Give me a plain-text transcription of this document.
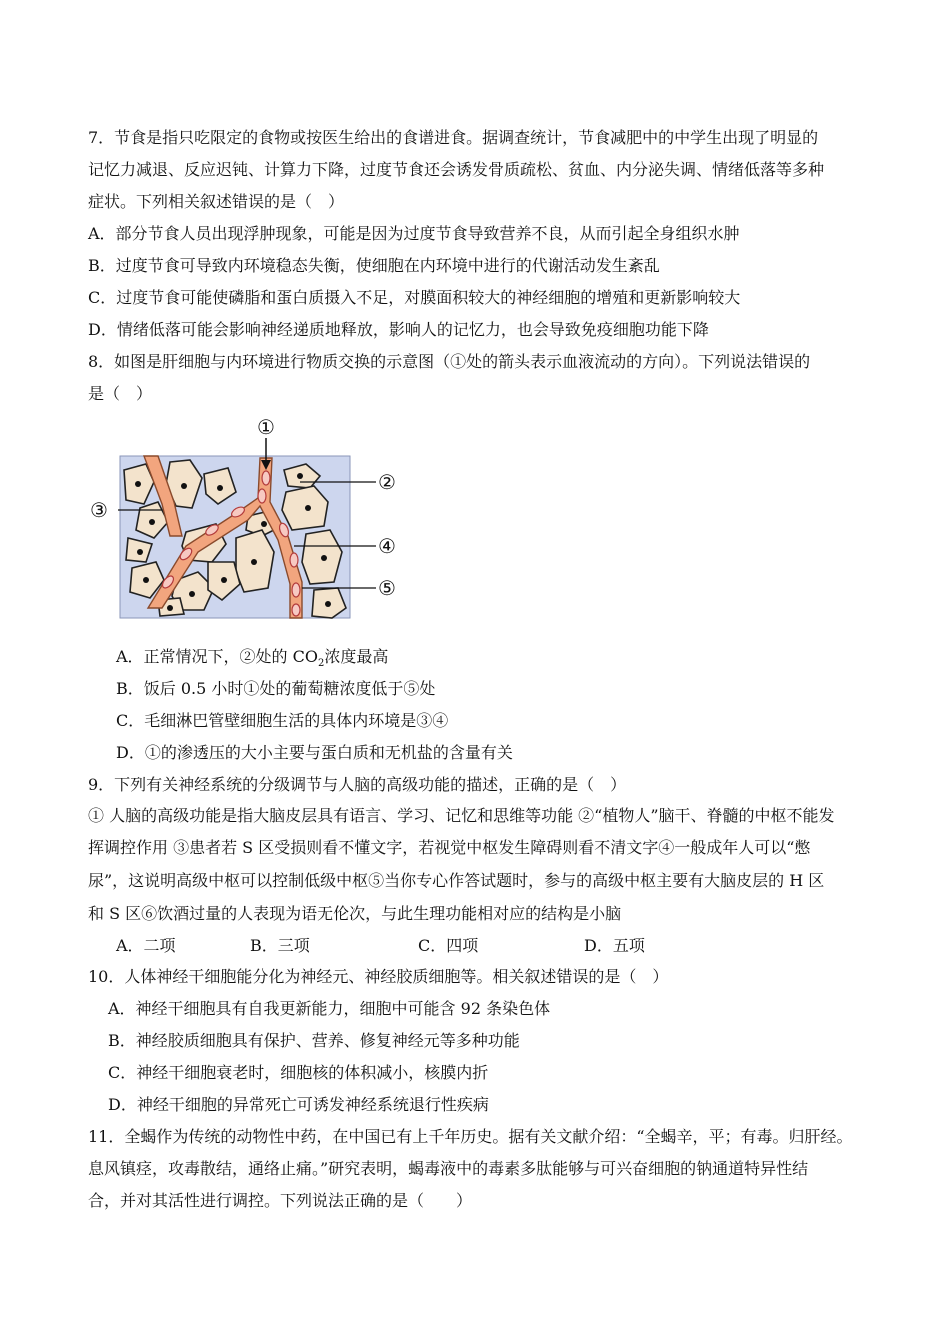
7．节食是指只吃限定的食物或按医生给出的食谱进食。据调查统计，节食减肥中的中学生出现了明显的
记忆力减退、反应迟钝、计算力下降，过度节食还会诱发骨质疏松、贫血、内分泌失调、情绪低落等多种
症状。下列相关叙述错误的是（　）
A．部分节食人员出现浮肿现象，可能是因为过度节食导致营养不良，从而引起全身组织水肿
B．过度节食可导致内环境稳态失衡，使细胞在内环境中进行的代谢活动发生紊乱
C．过度节食可能使磷脂和蛋白质摄入不足，对膜面积较大的神经细胞的增殖和更新影响较大
D．情绪低落可能会影响神经递质地释放，影响人的记忆力，也会导致免疫细胞功能下降
8．如图是肝细胞与内环境进行物质交换的示意图（①处的箭头表示血液流动的方向）。下列说法错误的
是（　）
①
②
③
④
⑤
A．正常情况下，②处的 $CO_2$浓度最高
B．饭后 0.5 小时①处的葡萄糖浓度低于⑤处
C．毛细淋巴管壁细胞生活的具体内环境是③④
D．①的渗透压的大小主要与蛋白质和无机盐的含量有关
9．下列有关神经系统的分级调节与人脑的高级功能的描述，正确的是（　）
① 人脑的高级功能是指大脑皮层具有语言、学习、记忆和思维等功能 ②“植物人”脑干、脊髓的中枢不能发
挥调控作用 ③患者若 S 区受损则看不懂文字，若视觉中枢发生障碍则看不清文字④一般成年人可以“憋
尿”，这说明高级中枢可以控制低级中枢⑤当你专心作答试题时，参与的高级中枢主要有大脑皮层的 H 区
和 S 区⑥饮酒过量的人表现为语无伦次，与此生理功能相对应的结构是小脑
A．二项	B．三项	C．四项	D．五项
10．人体神经干细胞能分化为神经元、神经胶质细胞等。相关叙述错误的是（　）
A．神经干细胞具有自我更新能力，细胞中可能含 92 条染色体
B．神经胶质细胞具有保护、营养、修复神经元等多种功能
C．神经干细胞衰老时，细胞核的体积减小，核膜内折
D．神经干细胞的异常死亡可诱发神经系统退行性疾病
11．全蝎作为传统的动物性中药，在中国已有上千年历史。据有关文献介绍：“全蝎辛，平；有毒。归肝经。
息风镇痉，攻毒散结，通络止痛。”研究表明，蝎毒液中的毒素多肽能够与可兴奋细胞的钠通道特异性结
合，并对其活性进行调控。下列说法正确的是（　　）
